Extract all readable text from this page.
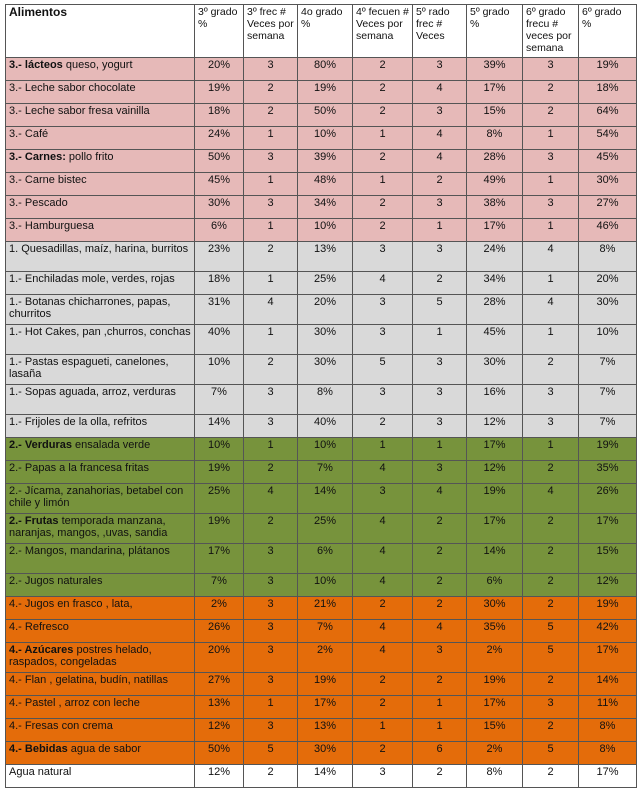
Alimentos	3º grado %	3º frec # Veces por semana	4o grado %	4º fecuen # Veces por semana	5º rado frec # Veces	5º grado %	6º grado frecu # veces por semana	6º grado %
3.- lácteos queso, yogurt	20%	3	80%	2	3	39%	3	19%
3.- Leche sabor chocolate	19%	2	19%	2	4	17%	2	18%
3.- Leche sabor fresa vainilla	18%	2	50%	2	3	15%	2	64%
3.- Café	24%	1	10%	1	4	8%	1	54%
3.- Carnes: pollo frito	50%	3	39%	2	4	28%	3	45%
3.- Carne bistec	45%	1	48%	1	2	49%	1	30%
3.- Pescado	30%	3	34%	2	3	38%	3	27%
3.- Hamburguesa	6%	1	10%	2	1	17%	1	46%
1. Quesadillas, maíz, harina, burritos	23%	2	13%	3	3	24%	4	8%
1.- Enchiladas mole, verdes, rojas	18%	1	25%	4	2	34%	1	20%
1.- Botanas chicharrones, papas, churritos	31%	4	20%	3	5	28%	4	30%
1.- Hot Cakes, pan ,churros, conchas	40%	1	30%	3	1	45%	1	10%
1.- Pastas espagueti, canelones, lasaña	10%	2	30%	5	3	30%	2	7%
1.- Sopas aguada, arroz, verduras	7%	3	8%	3	3	16%	3	7%
1.- Frijoles de la olla, refritos	14%	3	40%	2	3	12%	3	7%
2.- Verduras ensalada verde	10%	1	10%	1	1	17%	1	19%
2.- Papas a la francesa fritas	19%	2	7%	4	3	12%	2	35%
2.- Jícama, zanahorias, betabel con chile y limón	25%	4	14%	3	4	19%	4	26%
2.- Frutas temporada manzana, naranjas, mangos, ,uvas, sandia	19%	2	25%	4	2	17%	2	17%
2.- Mangos, mandarina, plátanos	17%	3	6%	4	2	14%	2	15%
2.- Jugos naturales	7%	3	10%	4	2	6%	2	12%
4.- Jugos en frasco , lata,	2%	3	21%	2	2	30%	2	19%
4.- Refresco	26%	3	7%	4	4	35%	5	42%
4.- Azúcares postres helado, raspados, congeladas	20%	3	2%	4	3	2%	5	17%
4.- Flan , gelatina, budín, natillas	27%	3	19%	2	2	19%	2	14%
4.- Pastel , arroz con leche	13%	1	17%	2	1	17%	3	11%
4.- Fresas con crema	12%	3	13%	1	1	15%	2	8%
4.- Bebidas agua de sabor	50%	5	30%	2	6	2%	5	8%
Agua natural	12%	2	14%	3	2	8%	2	17%
